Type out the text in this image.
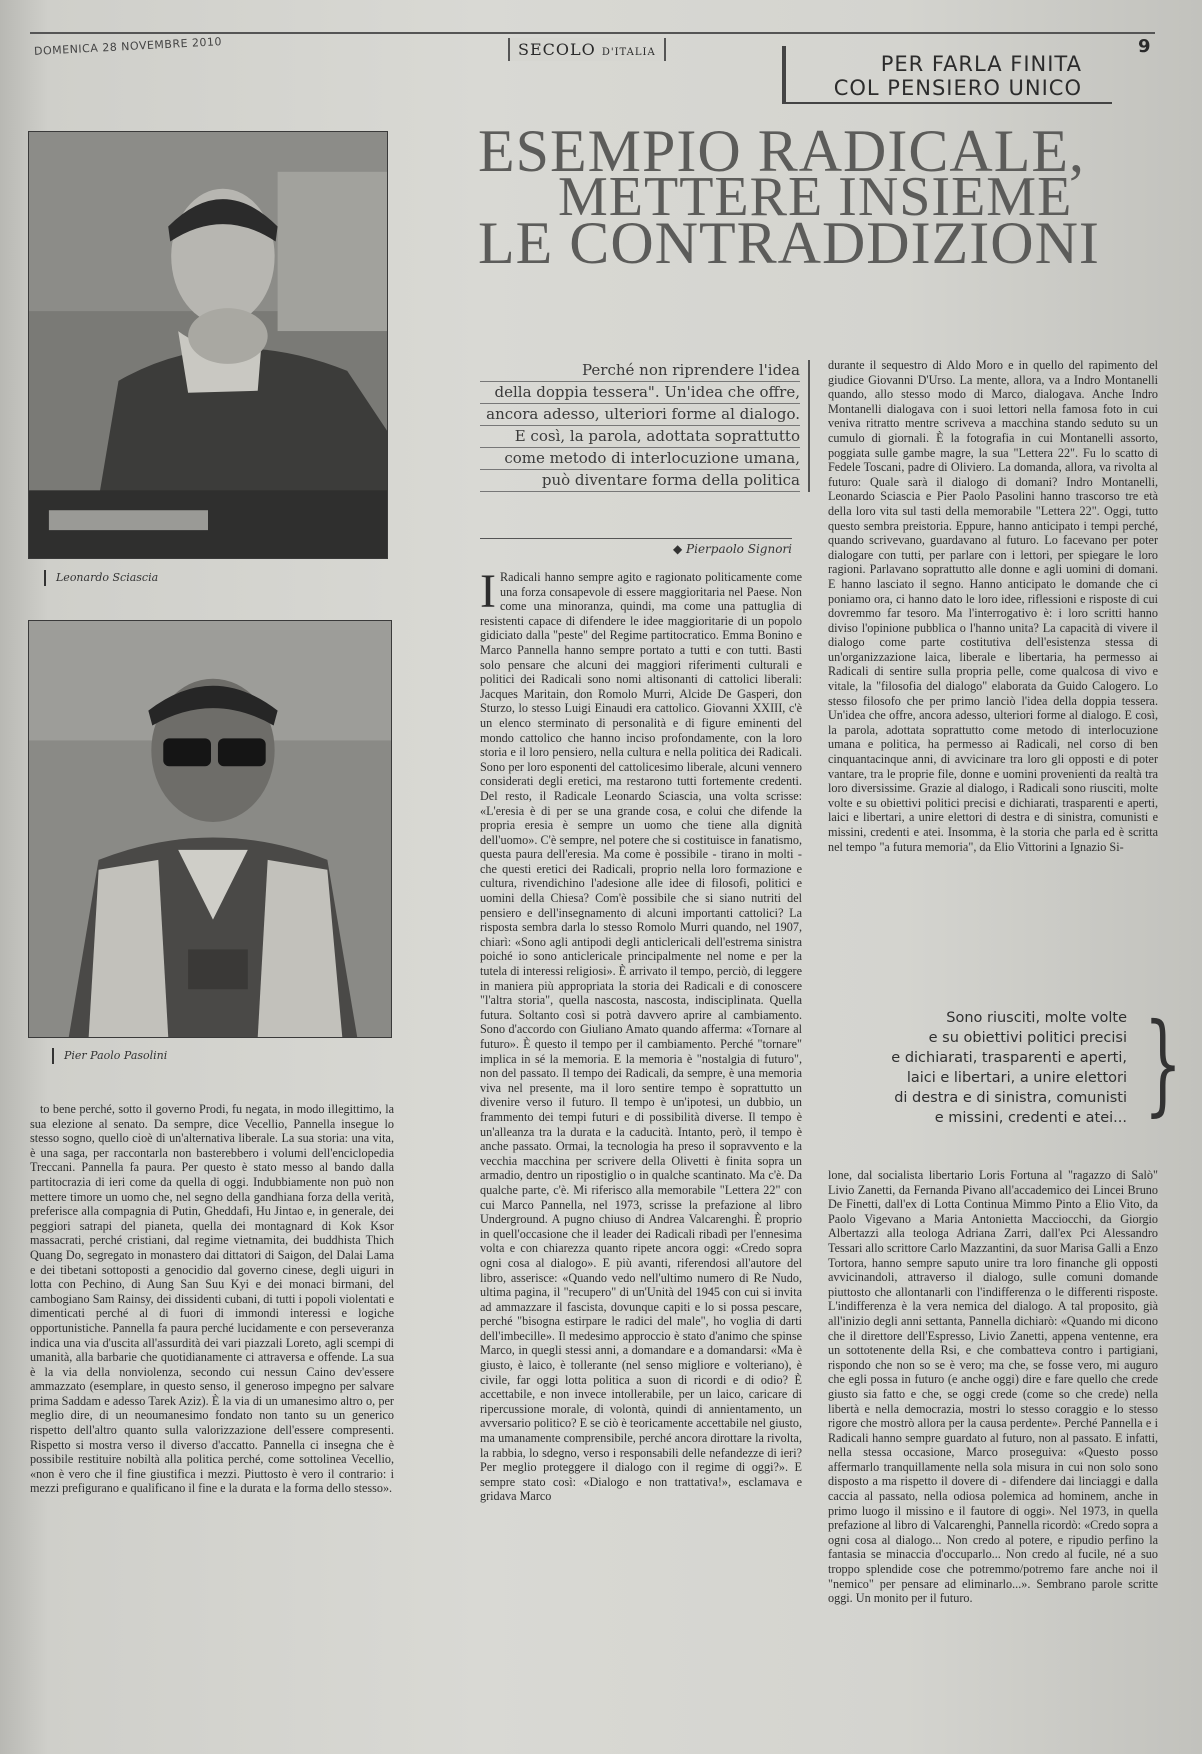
DOMENICA 28 NOVEMBRE 2010	SECOLO D'ITALIA	PER FARLA FINITA
COL PENSIERO UNICO
9
Leonardo Sciascia
Pier Paolo Pasolini
ESEMPIO RADICALE,
METTERE INSIEME
LE CONTRADDIZIONI
Perché non riprendere l'idea
della doppia tessera". Un'idea che offre,
ancora adesso, ulteriori forme al dialogo.
E così, la parola, adottata soprattutto
come metodo di interlocuzione umana,
può diventare forma della politica
◆ Pierpaolo Signori

to bene perché, sotto il governo Prodi, fu negata, in modo illegittimo, la sua elezione al senato. Da sempre, dice Vecellio, Pannella insegue lo stesso sogno, quello cioè di un'alternativa liberale. La sua storia: una vita, è una saga, per raccontarla non basterebbero i volumi dell'enciclopedia Treccani. Pannella fa paura. Per questo è stato messo al bando dalla partitocrazia di ieri come da quella di oggi. Indubbiamente non può non mettere timore un uomo che, nel segno della gandhiana forza della verità, preferisce alla compagnia di Putin, Gheddafi, Hu Jintao e, in generale, dei peggiori satrapi del pianeta, quella dei montagnard di Kok Ksor massacrati, perché cristiani, dal regime vietnamita, dei buddhista Thich Quang Do, segregato in monastero dai dittatori di Saigon, del Dalai Lama e dei tibetani sottoposti a genocidio dal governo cinese, degli uiguri in lotta con Pechino, di Aung San Suu Kyi e dei monaci birmani, del cambogiano Sam Rainsy, dei dissidenti cubani, di tutti i popoli violentati e dimenticati perché al di fuori di immondi interessi e logiche opportunistiche. Pannella fa paura perché lucidamente e con perseveranza indica una via d'uscita all'assurdità dei vari piazzali Loreto, agli scempi di umanità, alla barbarie che quotidianamente ci attraversa e offende. La sua è la via della nonviolenza, secondo cui nessun Caino dev'essere ammazzato (esemplare, in questo senso, il generoso impegno per salvare prima Saddam e adesso Tarek Aziz). È la via di un umanesimo altro o, per meglio dire, di un neoumanesimo fondato non tanto su un generico rispetto dell'altro quanto sulla valorizzazione dell'essere compresenti. Rispetto si mostra verso il diverso d'accatto. Pannella ci insegna che è possibile restituire nobiltà alla politica perché, come sottolinea Vecellio, «non è vero che il fine giustifica i mezzi. Piuttosto è vero il contrario: i mezzi prefigurano e qualificano il fine e la durata e la forma dello stesso».

I Radicali hanno sempre agito e ragionato politicamente come una forza consapevole di essere maggioritaria nel Paese. Non come una minoranza, quindi, ma come una pattuglia di resistenti capace di difendere le idee maggioritarie di un popolo gidiciato dalla "peste" del Regime partitocratico. Emma Bonino e Marco Pannella hanno sempre portato a tutti e con tutti. Basti solo pensare che alcuni dei maggiori riferimenti culturali e politici dei Radicali sono nomi altisonanti di cattolici liberali: Jacques Maritain, don Romolo Murri, Alcide De Gasperi, don Sturzo, lo stesso Luigi Einaudi era cattolico. Giovanni XXIII, c'è un elenco sterminato di personalità e di figure eminenti del mondo cattolico che hanno inciso profondamente, con la loro storia e il loro pensiero, nella cultura e nella politica dei Radicali. Sono per loro esponenti del cattolicesimo liberale, alcuni vennero considerati degli eretici, ma restarono tutti fortemente credenti. Del resto, il Radicale Leonardo Sciascia, una volta scrisse: «L'eresia è di per se una grande cosa, e colui che difende la propria eresia è sempre un uomo che tiene alla dignità dell'uomo». C'è sempre, nel potere che si costituisce in fanatismo, questa paura dell'eresia. Ma come è possibile - tirano in molti - che questi eretici dei Radicali, proprio nella loro formazione e cultura, rivendichino l'adesione alle idee di filosofi, politici e uomini della Chiesa? Com'è possibile che si siano nutriti del pensiero e dell'insegnamento di alcuni importanti cattolici? La risposta sembra darla lo stesso Romolo Murri quando, nel 1907, chiarì: «Sono agli antipodi degli anticlericali dell'estrema sinistra poiché io sono anticlericale principalmente nel nome e per la tutela di interessi religiosi». È arrivato il tempo, perciò, di leggere in maniera più appropriata la storia dei Radicali e di conoscere "l'altra storia", quella nascosta, nascosta, indisciplinata. Quella futura. Soltanto così si potrà davvero aprire al cambiamento. Sono d'accordo con Giuliano Amato quando afferma: «Tornare al futuro». È questo il tempo per il cambiamento. Perché "tornare" implica in sé la memoria. E la memoria è "nostalgia di futuro", non del passato. Il tempo dei Radicali, da sempre, è una memoria viva nel presente, ma il loro sentire tempo è soprattutto un divenire verso il futuro. Il tempo è un'ipotesi, un dubbio, un frammento dei tempi futuri e di possibilità diverse. Il tempo è un'alleanza tra la durata e la caducità. Intanto, però, il tempo è anche passato. Ormai, la tecnologia ha preso il sopravvento e la vecchia macchina per scrivere della Olivetti è finita sopra un armadio, dentro un ripostiglio o in qualche scantinato. Ma c'è. Da qualche parte, c'è. Mi riferisco alla memorabile "Lettera 22" con cui Marco Pannella, nel 1973, scrisse la prefazione al libro Underground. A pugno chiuso di Andrea Valcarenghi. È proprio in quell'occasione che il leader dei Radicali ribadì per l'ennesima volta e con chiarezza quanto ripete ancora oggi: «Credo sopra ogni cosa al dialogo». E più avanti, riferendosi all'autore del libro, asserisce: «Quando vedo nell'ultimo numero di Re Nudo, ultima pagina, il "recupero" di un'Unità del 1945 con cui si invita ad ammazzare il fascista, dovunque capiti e lo si possa pescare, perché "bisogna estirpare le radici del male", ho voglia di darti dell'imbecille». Il medesimo approccio è stato d'animo che spinse Marco, in quegli stessi anni, a domandare e a domandarsi: «Ma è giusto, è laico, è tollerante (nel senso migliore e volteriano), è civile, far oggi lotta politica a suon di ricordi e di odio? È accettabile, e non invece intollerabile, per un laico, caricare di ripercussione morale, di volontà, quindi di annientamento, un avversario politico? E se ciò è teoricamente accettabile nel giusto, ma umanamente comprensibile, perché ancora dirottare la rivolta, la rabbia, lo sdegno, verso i responsabili delle nefandezze di ieri? Per meglio proteggere il dialogo con il regime di oggi?». E sempre stato così: «Dialogo e non trattativa!», esclamava e gridava Marco
durante il sequestro di Aldo Moro e in quello del rapimento del giudice Giovanni D'Urso. La mente, allora, va a Indro Montanelli quando, allo stesso modo di Marco, dialogava. Anche Indro Montanelli dialogava con i suoi lettori nella famosa foto in cui veniva ritratto mentre scriveva a macchina stando seduto su un cumulo di giornali. È la fotografia in cui Montanelli assorto, poggiata sulle gambe magre, la sua "Lettera 22". Fu lo scatto di Fedele Toscani, padre di Oliviero. La domanda, allora, va rivolta al futuro: Quale sarà il dialogo di domani? Indro Montanelli, Leonardo Sciascia e Pier Paolo Pasolini hanno trascorso tre età della loro vita sul tasti della memorabile "Lettera 22". Oggi, tutto questo sembra preistoria. Eppure, hanno anticipato i tempi perché, quando scrivevano, guardavano al futuro. Lo facevano per poter dialogare con tutti, per parlare con i lettori, per spiegare le loro ragioni. Parlavano soprattutto alle donne e agli uomini di domani. E hanno lasciato il segno. Hanno anticipato le domande che ci poniamo ora, ci hanno dato le loro idee, riflessioni e risposte di cui dovremmo far tesoro. Ma l'interrogativo è: i loro scritti hanno diviso l'opinione pubblica o l'hanno unita? La capacità di vivere il dialogo come parte costitutiva dell'esistenza stessa di un'organizzazione laica, liberale e libertaria, ha permesso ai Radicali di sentire sulla propria pelle, come qualcosa di vivo e vitale, la "filosofia del dialogo" elaborata da Guido Calogero. Lo stesso filosofo che per primo lanciò l'idea della doppia tessera. Un'idea che offre, ancora adesso, ulteriori forme al dialogo. E così, la parola, adottata soprattutto come metodo di interlocuzione umana e politica, ha permesso ai Radicali, nel corso di ben cinquantacinque anni, di avvicinare tra loro gli opposti e di poter vantare, tra le proprie file, donne e uomini provenienti da realtà tra loro diversissime. Grazie al dialogo, i Radicali sono riusciti, molte volte e su obiettivi politici precisi e dichiarati, trasparenti e aperti, laici e libertari, a unire elettori di destra e di sinistra, comunisti e missini, credenti e atei. Insomma, è la storia che parla ed è scritta nel tempo "a futura memoria", da Elio Vittorini a Ignazio Si-
Sono riusciti, molte volte
e su obiettivi politici precisi
e dichiarati, trasparenti e aperti,
laici e libertari, a unire elettori
di destra e di sinistra, comunisti
e missini, credenti e atei... }
lone, dal socialista libertario Loris Fortuna al "ragazzo di Salò" Livio Zanetti, da Fernanda Pivano all'accademico dei Lincei Bruno De Finetti, dall'ex di Lotta Continua Mimmo Pinto a Elio Vito, da Paolo Vigevano a Maria Antonietta Macciocchi, da Giorgio Albertazzi alla teologa Adriana Zarri, dall'ex Pci Alessandro Tessari allo scrittore Carlo Mazzantini, da suor Marisa Galli a Enzo Tortora, hanno sempre saputo unire tra loro finanche gli opposti avvicinandoli, attraverso il dialogo, sulle comuni domande piuttosto che allontanarli con l'indifferenza o le differenti risposte. L'indifferenza è la vera nemica del dialogo. A tal proposito, già all'inizio degli anni settanta, Pannella dichiarò: «Quando mi dicono che il direttore dell'Espresso, Livio Zanetti, appena ventenne, era un sottotenente della Rsi, e che combatteva contro i partigiani, rispondo che non so se è vero; ma che, se fosse vero, mi auguro che egli possa in futuro (e anche oggi) dire e fare quello che crede giusto sia fatto e che, se oggi crede (come so che crede) nella libertà e nella democrazia, mostri lo stesso coraggio e lo stesso rigore che mostrò allora per la causa perdente». Perché Pannella e i Radicali hanno sempre guardato al futuro, non al passato. E infatti, nella stessa occasione, Marco proseguiva: «Questo posso affermarlo tranquillamente nella sola misura in cui non solo sono disposto a ma rispetto il dovere di - difendere dai linciaggi e dalla caccia al passato, nella odiosa polemica ad hominem, anche in primo luogo il missino e il fautore di oggi». Nel 1973, in quella prefazione al libro di Valcarenghi, Pannella ricordò: «Credo sopra a ogni cosa al dialogo... Non credo al potere, e ripudio perfino la fantasia se minaccia d'occuparlo... Non credo al fucile, né a suo troppo splendide cose che potremmo/potremo fare anche noi il "nemico" per pensare ad eliminarlo...». Sembrano parole scritte oggi. Un monito per il futuro.
